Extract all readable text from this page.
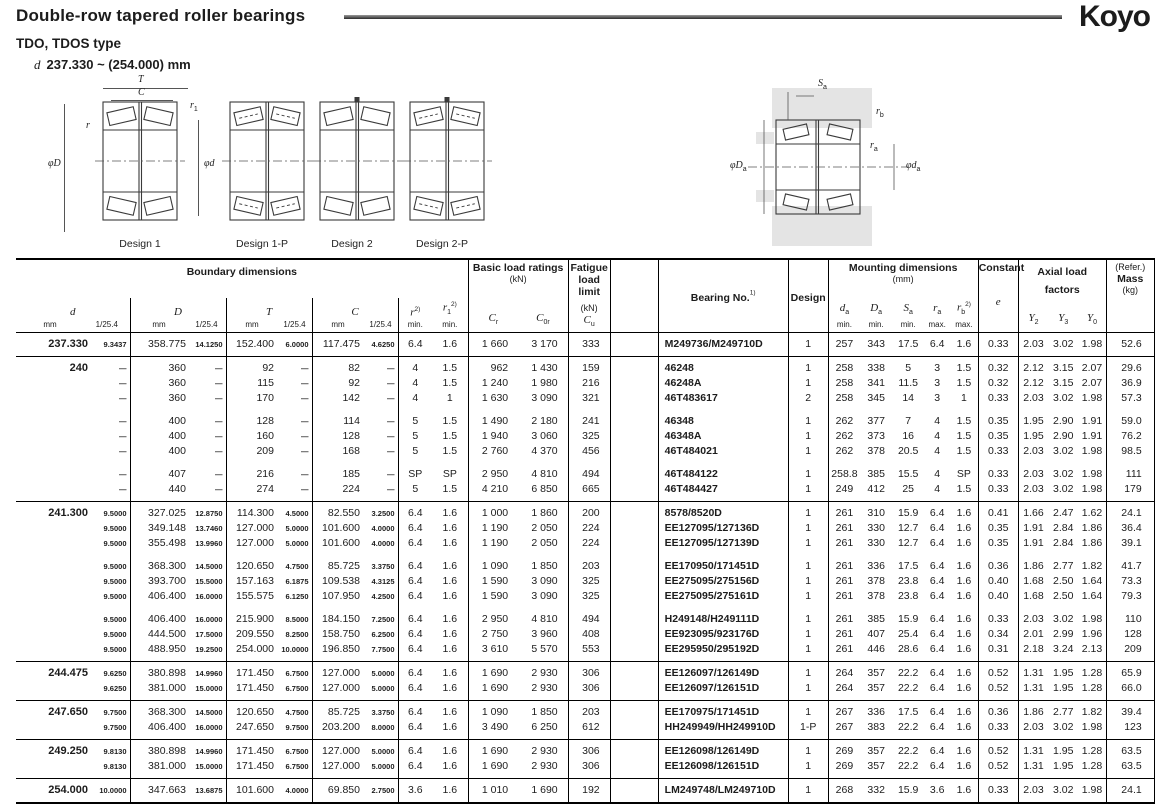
Double-row tapered roller bearings	Koyo
TDO, TDOS type
d 237.330 ~ (254.000) mm
Design 1	Design 1-P	Design 2	Design 2-P
T
C
$r_1$
r
φD	φd
$S_a$
$r_b$
$r_a$
$\varphi D_a$	$\varphi d_a$
Boundary dimensions	Basic load ratings
(kN)

Fatigue
load limit
(kN)
$C_u$
		Bearing No.$^{1)}$	Design	
Mounting dimensions
(mm)

Constant
e
	Axial load factors	
(Refer.)
Mass
(kg)

d
mm	1/25.4

D
mm	1/25.4

T
mm	1/25.4

C
mm	1/25.4

r$^{2)}$
min.

$r_1^{2)}$
min.

$C_r$	$C_{0r}$

$d_a$
min.

$D_a$
min.

$S_a$
min.

$r_a$
max.

$r_b^{2)}$
max.

$Y_2$	$Y_3$	$Y_0$

237.330	9.3437	358.775	14.1250	152.400	6.0000	117.475	4.6250	6.4	1.6	1 660	3 170	333		M249736/M249710D	1	257	343	17.5	6.4	1.6	0.33	2.03	3.02	1.98	52.6
240	—	360	—	92	—	82	—	4	1.5	962	1 430	159		46248	1	258	338	5	3	1.5	0.32	2.12	3.15	2.07	29.6
	—	360	—	115	—	92	—	4	1.5	1 240	1 980	216		46248A	1	258	341	11.5	3	1.5	0.32	2.12	3.15	2.07	36.9
	—	360	—	170	—	142	—	4	1	1 630	3 090	321		46T483617	2	258	345	14	3	1	0.33	2.03	3.02	1.98	57.3

	—	400	—	128	—	114	—	5	1.5	1 490	2 180	241		46348	1	262	377	7	4	1.5	0.35	1.95	2.90	1.91	59.0
	—	400	—	160	—	128	—	5	1.5	1 940	3 060	325		46348A	1	262	373	16	4	1.5	0.35	1.95	2.90	1.91	76.2
	—	400	—	209	—	168	—	5	1.5	2 760	4 370	456		46T484021	1	262	378	20.5	4	1.5	0.33	2.03	3.02	1.98	98.5

	—	407	—	216	—	185	—	SP	SP	2 950	4 810	494		46T484122	1	258.8	385	15.5	4	SP	0.33	2.03	3.02	1.98	111
	—	440	—	274	—	224	—	5	1.5	4 210	6 850	665		46T484427	1	249	412	25	4	1.5	0.33	2.03	3.02	1.98	179
241.300	9.5000	327.025	12.8750	114.300	4.5000	82.550	3.2500	6.4	1.6	1 000	1 860	200		8578/8520D	1	261	310	15.9	6.4	1.6	0.41	1.66	2.47	1.62	24.1
	9.5000	349.148	13.7460	127.000	5.0000	101.600	4.0000	6.4	1.6	1 190	2 050	224		EE127095/127136D	1	261	330	12.7	6.4	1.6	0.35	1.91	2.84	1.86	36.4
	9.5000	355.498	13.9960	127.000	5.0000	101.600	4.0000	6.4	1.6	1 190	2 050	224		EE127095/127139D	1	261	330	12.7	6.4	1.6	0.35	1.91	2.84	1.86	39.1

	9.5000	368.300	14.5000	120.650	4.7500	85.725	3.3750	6.4	1.6	1 090	1 850	203		EE170950/171451D	1	261	336	17.5	6.4	1.6	0.36	1.86	2.77	1.82	41.7
	9.5000	393.700	15.5000	157.163	6.1875	109.538	4.3125	6.4	1.6	1 590	3 090	325		EE275095/275156D	1	261	378	23.8	6.4	1.6	0.40	1.68	2.50	1.64	73.3
	9.5000	406.400	16.0000	155.575	6.1250	107.950	4.2500	6.4	1.6	1 590	3 090	325		EE275095/275161D	1	261	378	23.8	6.4	1.6	0.40	1.68	2.50	1.64	79.3

	9.5000	406.400	16.0000	215.900	8.5000	184.150	7.2500	6.4	1.6	2 950	4 810	494		H249148/H249111D	1	261	385	15.9	6.4	1.6	0.33	2.03	3.02	1.98	110
	9.5000	444.500	17.5000	209.550	8.2500	158.750	6.2500	6.4	1.6	2 750	3 960	408		EE923095/923176D	1	261	407	25.4	6.4	1.6	0.34	2.01	2.99	1.96	128
	9.5000	488.950	19.2500	254.000	10.0000	196.850	7.7500	6.4	1.6	3 610	5 570	553		EE295950/295192D	1	261	446	28.6	6.4	1.6	0.31	2.18	3.24	2.13	209
244.475	9.6250	380.898	14.9960	171.450	6.7500	127.000	5.0000	6.4	1.6	1 690	2 930	306		EE126097/126149D	1	264	357	22.2	6.4	1.6	0.52	1.31	1.95	1.28	65.9
	9.6250	381.000	15.0000	171.450	6.7500	127.000	5.0000	6.4	1.6	1 690	2 930	306		EE126097/126151D	1	264	357	22.2	6.4	1.6	0.52	1.31	1.95	1.28	66.0
247.650	9.7500	368.300	14.5000	120.650	4.7500	85.725	3.3750	6.4	1.6	1 090	1 850	203		EE170975/171451D	1	267	336	17.5	6.4	1.6	0.36	1.86	2.77	1.82	39.4
	9.7500	406.400	16.0000	247.650	9.7500	203.200	8.0000	6.4	1.6	3 490	6 250	612		HH249949/HH249910D	1-P	267	383	22.2	6.4	1.6	0.33	2.03	3.02	1.98	123
249.250	9.8130	380.898	14.9960	171.450	6.7500	127.000	5.0000	6.4	1.6	1 690	2 930	306		EE126098/126149D	1	269	357	22.2	6.4	1.6	0.52	1.31	1.95	1.28	63.5
	9.8130	381.000	15.0000	171.450	6.7500	127.000	5.0000	6.4	1.6	1 690	2 930	306		EE126098/126151D	1	269	357	22.2	6.4	1.6	0.52	1.31	1.95	1.28	63.5
254.000	10.0000	347.663	13.6875	101.600	4.0000	69.850	2.7500	3.6	1.6	1 010	1 690	192		LM249748/LM249710D	1	268	332	15.9	3.6	1.6	0.33	2.03	3.02	1.98	24.1
